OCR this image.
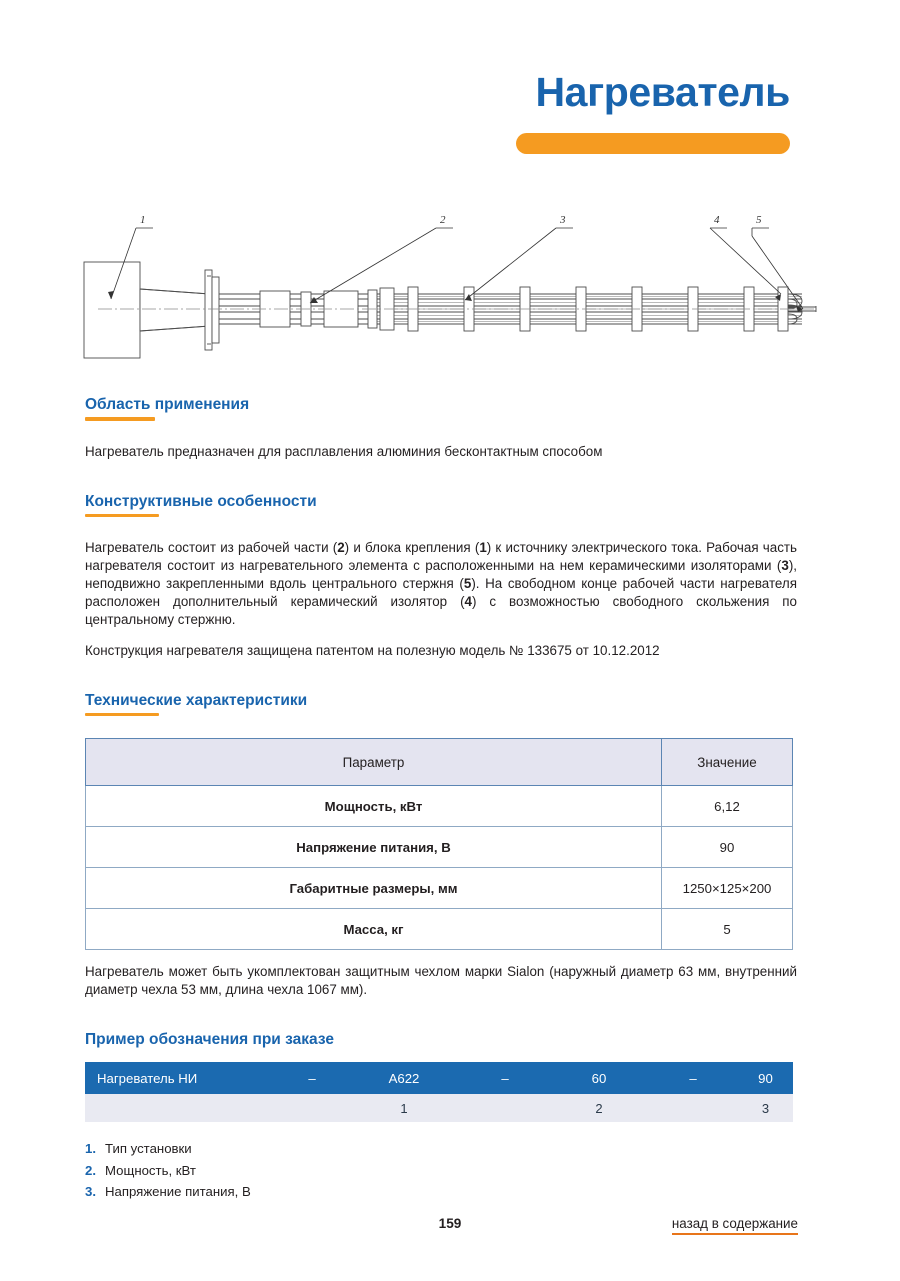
Нагреватель
1	2	3	4	5
Область применения

Нагреватель предназначен для расплавления алюминия бесконтактным способом

Конструктивные особенности

Нагреватель состоит из рабочей части (2) и блока крепления (1) к источнику электрического тока. Рабочая часть нагревателя состоит из нагревательного элемента с расположенными на нем керамическими изоляторами (3), неподвижно закрепленными вдоль центрального стержня (5). На свободном конце рабочей части нагревателя расположен дополнительный керамический изолятор (4) с возможностью свободного скольжения по центральному стержню.

Конструкция нагревателя защищена патентом на полезную модель № 133675 от 10.12.2012

Технические характеристики
Параметр	Значение
Мощность, кВт	6,12
Напряжение питания, В	90
Габаритные размеры, мм	1250×125×200
Масса, кг	5

Нагреватель может быть укомплектован защитным чехлом марки Sialon (наружный диаметр 63 мм, внутренний диаметр чехла 53 мм, длина чехла 1067 мм).

Пример обозначения при заказе
Нагреватель НИ	–	А622	–	60	–	90
		1		2		3
1. Тип установки
2. Мощность, кВт
3. Напряжение питания, В
159	назад в содержание
